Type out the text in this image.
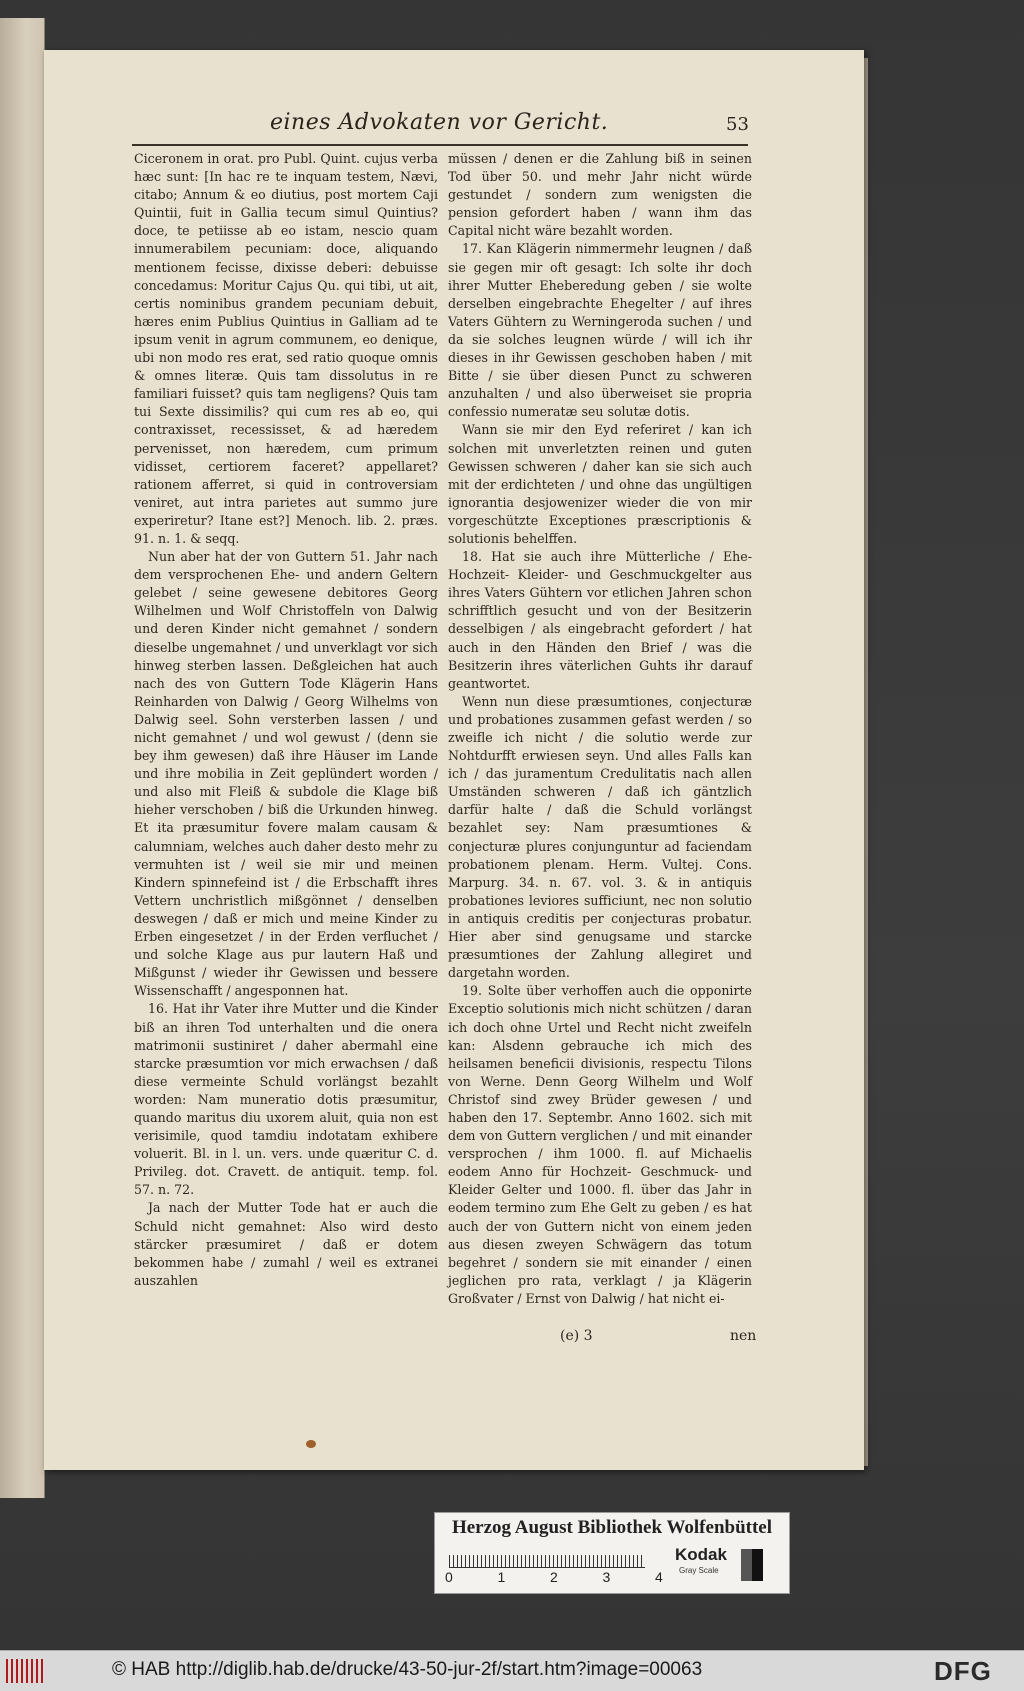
eines Advokaten vor Gericht.	53

Ciceronem in orat. pro Publ. Quint. cujus verba hæc sunt: [In hac re te inquam testem, Nævi, citabo; Annum & eo diutius, post mortem Caji Quintii, fuit in Gallia tecum simul Quintius? doce, te petiisse ab eo istam, nescio quam innumerabilem pecuniam: doce, aliquando mentionem fecisse, dixisse deberi: debuisse concedamus: Moritur Cajus Qu. qui tibi, ut ait, certis nominibus grandem pecuniam debuit, hæres enim Publius Quintius in Galliam ad te ipsum venit in agrum communem, eo denique, ubi non modo res erat, sed ratio quoque omnis & omnes literæ. Quis tam dissolutus in re familiari fuisset? quis tam negligens? Quis tam tui Sexte dissimilis? qui cum res ab eo, qui contraxisset, recessisset, & ad hæredem pervenisset, non hæredem, cum primum vidisset, certiorem faceret? appellaret? rationem afferret, si quid in controversiam veniret, aut intra parietes aut summo jure experiretur? Itane est?] Menoch. lib. 2. præs. 91. n. 1. & seqq.

Nun aber hat der von Guttern 51. Jahr nach dem versprochenen Ehe- und andern Geltern gelebet / seine gewesene debitores Georg Wilhelmen und Wolf Christoffeln von Dalwig und deren Kinder nicht gemahnet / sondern dieselbe ungemahnet / und unverklagt vor sich hinweg sterben lassen. Deßgleichen hat auch nach des von Guttern Tode Klägerin Hans Reinharden von Dalwig / Georg Wilhelms von Dalwig seel. Sohn versterben lassen / und nicht gemahnet / und wol gewust / (denn sie bey ihm gewesen) daß ihre Häuser im Lande und ihre mobilia in Zeit geplündert worden / und also mit Fleiß & subdole die Klage biß hieher verschoben / biß die Urkunden hinweg. Et ita præsumitur fovere malam causam & calumniam, welches auch daher desto mehr zu vermuhten ist / weil sie mir und meinen Kindern spinnefeind ist / die Erbschafft ihres Vettern unchristlich mißgönnet / denselben deswegen / daß er mich und meine Kinder zu Erben eingesetzet / in der Erden verfluchet / und solche Klage aus pur lautern Haß und Mißgunst / wieder ihr Gewissen und bessere Wissenschafft / angesponnen hat.

16. Hat ihr Vater ihre Mutter und die Kinder biß an ihren Tod unterhalten und die onera matrimonii sustiniret / daher abermahl eine starcke præsumtion vor mich erwachsen / daß diese vermeinte Schuld vorlängst bezahlt worden: Nam muneratio dotis præsumitur, quando maritus diu uxorem aluit, quia non est verisimile, quod tamdiu indotatam exhibere voluerit. Bl. in l. un. vers. unde quæritur C. d. Privileg. dot. Cravett. de antiquit. temp. fol. 57. n. 72.

Ja nach der Mutter Tode hat er auch die Schuld nicht gemahnet: Also wird desto stärcker præsumiret / daß er dotem bekommen habe / zumahl / weil es extranei auszahlen

müssen / denen er die Zahlung biß in seinen Tod über 50. und mehr Jahr nicht würde gestundet / sondern zum wenigsten die pension gefordert haben / wann ihm das Capital nicht wäre bezahlt worden.

17. Kan Klägerin nimmermehr leugnen / daß sie gegen mir oft gesagt: Ich solte ihr doch ihrer Mutter Eheberedung geben / sie wolte derselben eingebrachte Ehegelter / auf ihres Vaters Gühtern zu Werningeroda suchen / und da sie solches leugnen würde / will ich ihr dieses in ihr Gewissen geschoben haben / mit Bitte / sie über diesen Punct zu schweren anzuhalten / und also überweiset sie propria confessio numeratæ seu solutæ dotis.

Wann sie mir den Eyd referiret / kan ich solchen mit unverletzten reinen und guten Gewissen schweren / daher kan sie sich auch mit der erdichteten / und ohne das ungültigen ignorantia desjowenizer wieder die von mir vorgeschützte Exceptiones præscriptionis & solutionis behelffen.

18. Hat sie auch ihre Mütterliche / Ehe-Hochzeit- Kleider- und Geschmuckgelter aus ihres Vaters Gühtern vor etlichen Jahren schon schrifftlich gesucht und von der Besitzerin desselbigen / als eingebracht gefordert / hat auch in den Händen den Brief / was die Besitzerin ihres väterlichen Guhts ihr darauf geantwortet.

Wenn nun diese præsumtiones, conjecturæ und probationes zusammen gefast werden / so zweifle ich nicht / die solutio werde zur Nohtdurfft erwiesen seyn. Und alles Falls kan ich / das juramentum Credulitatis nach allen Umständen schweren / daß ich gäntzlich darfür halte / daß die Schuld vorlängst bezahlet sey: Nam præsumtiones & conjecturæ plures conjunguntur ad faciendam probationem plenam. Herm. Vultej. Cons. Marpurg. 34. n. 67. vol. 3. & in antiquis probationes leviores sufficiunt, nec non solutio in antiquis creditis per conjecturas probatur. Hier aber sind genugsame und starcke præsumtiones der Zahlung allegiret und dargetahn worden.

19. Solte über verhoffen auch die opponirte Exceptio solutionis mich nicht schützen / daran ich doch ohne Urtel und Recht nicht zweifeln kan: Alsdenn gebrauche ich mich des heilsamen beneficii divisionis, respectu Tilons von Werne. Denn Georg Wilhelm und Wolf Christof sind zwey Brüder gewesen / und haben den 17. Septembr. Anno 1602. sich mit dem von Guttern verglichen / und mit einander versprochen / ihm 1000. fl. auf Michaelis eodem Anno für Hochzeit- Geschmuck- und Kleider Gelter und 1000. fl. über das Jahr in eodem termino zum Ehe Gelt zu geben / es hat auch der von Guttern nicht von einem jeden aus diesen zweyen Schwägern das totum begehret / sondern sie mit einander / einen jeglichen pro rata, verklagt / ja Klägerin Großvater / Ernst von Dalwig / hat nicht ei-

(e) 3	nen
Herzog August Bibliothek Wolfenbüttel
0	1	2	3	4
Kodak
Gray Scale
© HAB http://diglib.hab.de/drucke/43-50-jur-2f/start.htm?image=00063	DFG
